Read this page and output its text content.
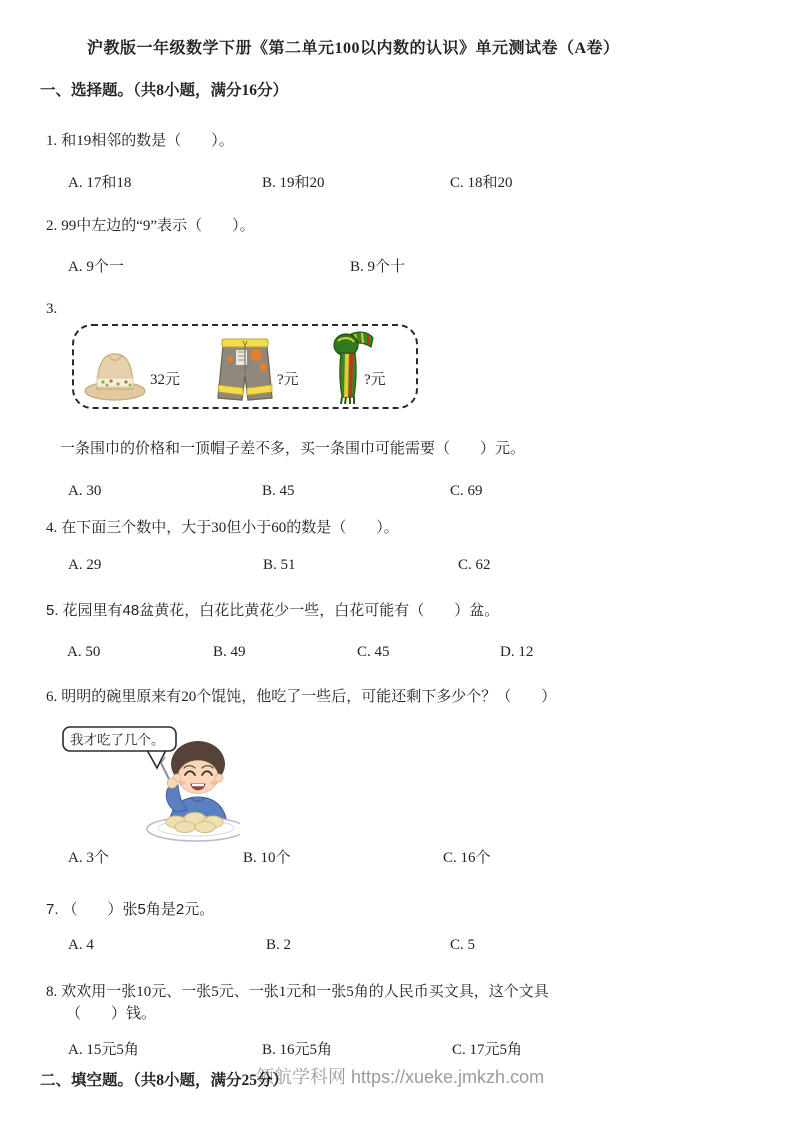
沪教版一年级数学下册《第二单元100以内数的认识》单元测试卷（A卷）
一、选择题。（共8小题，满分16分）
1. 和19相邻的数是（　　）。
A. 17和18	B. 19和20	C. 18和20
2. 99中左边的“9”表示（　　）。
A. 9个一	B. 9个十
3.
32元	?元	?元
一条围巾的价格和一顶帽子差不多，买一条围巾可能需要（　　）元。
A. 30	B. 45	C. 69
4. 在下面三个数中，大于30但小于60的数是（　　）。
A. 29	B. 51	C. 62
5. 花园里有48盆黄花，白花比黄花少一些，白花可能有（　　）盆。
A. 50	B. 49	C. 45	D. 12
6. 明明的碗里原来有20个馄饨，他吃了一些后，可能还剩下多少个？（　　）
我才吃了几个。
A. 3个	B. 10个	C. 16个
7. （　　）张5角是2元。
A. 4	B. 2	C. 5
8. 欢欢用一张10元、一张5元、一张1元和一张5角的人民币买文具，这个文具
（　　）钱。
A. 15元5角	B. 16元5角	C. 17元5角
领航学科网 https://xueke.jmkzh.com
二、填空题。（共8小题，满分25分）
